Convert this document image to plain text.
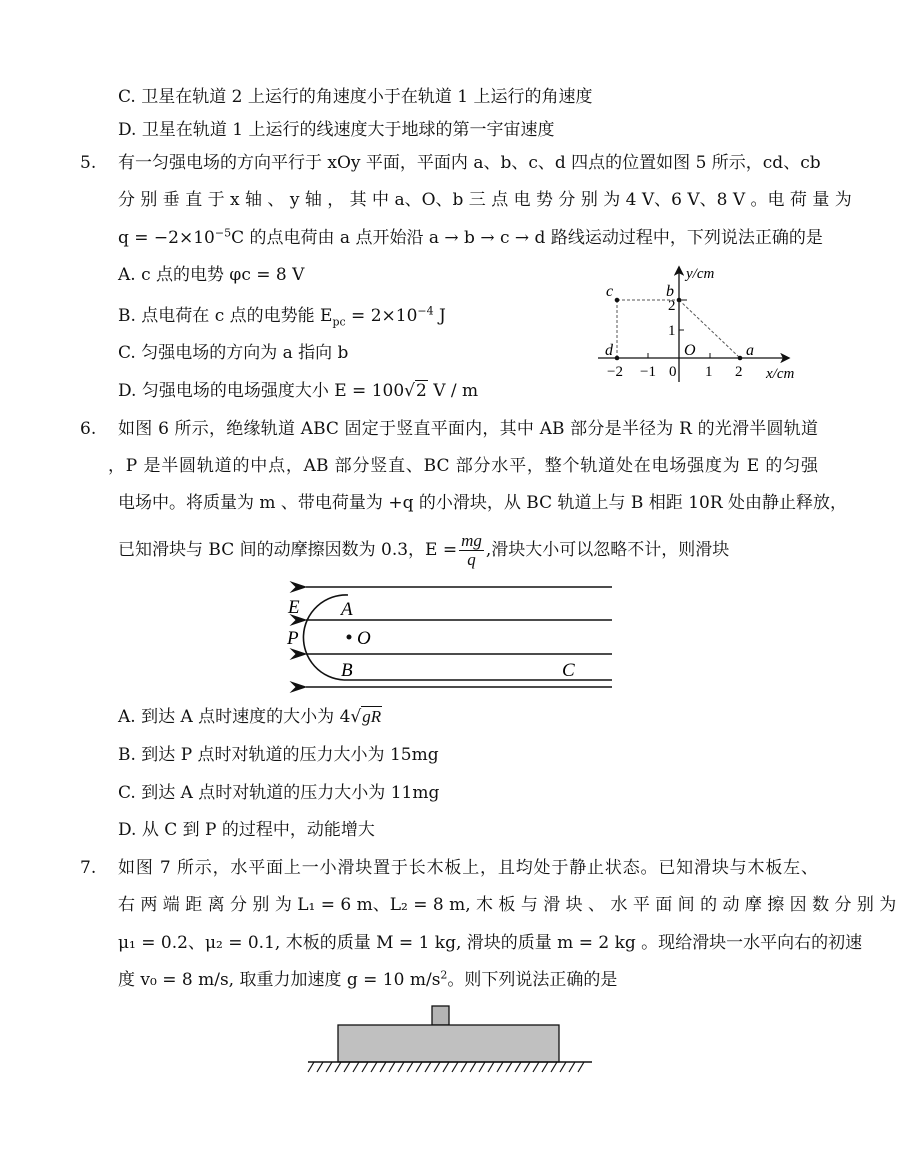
C. 卫星在轨道 2 上运行的角速度小于在轨道 1 上运行的角速度
D. 卫星在轨道 1 上运行的线速度大于地球的第一宇宙速度
5. 有一匀强电场的方向平行于 xOy 平面，平面内 a、b、c、d 四点的位置如图 5 所示，cd、cb
分 别 垂 直 于 x 轴 、 y 轴 ， 其 中 a、O、b 三 点 电 势 分 别 为 4 V、6 V、8 V 。电 荷 量 为
$q = -2\times 10^{-5}C$ 的点电荷由 a 点开始沿 a → b → c → d 路线运动过程中，下列说法正确的是
A. c 点的电势 φc = 8 V
B. 点电荷在 c 点的电势能 $E_{pc} = 2\times 10^{-4}$ J
C. 匀强电场的方向为 a 指向 b
D. 匀强电场的电场强度大小 E = 100√2 V / m
y/cm
x/cm
c	b
d	a
O
−2 −1 0 1 2
1
2
6. 如图 6 所示，绝缘轨道 ABC 固定于竖直平面内，其中 AB 部分是半径为 R 的光滑半圆轨道
，P 是半圆轨道的中点，AB 部分竖直、BC 部分水平，整个轨道处在电场强度为 E 的匀强
电场中。将质量为 m 、带电荷量为 +q 的小滑块，从 BC 轨道上与 B 相距 10R 处由静止释放，
已知滑块与 BC 间的动摩擦因数为 0.3，$E = \frac{mg}{q}$ ,滑块大小可以忽略不计，则滑块
E A
P	O
B	C
A. 到达 A 点时速度的大小为 4√gR
B. 到达 P 点时对轨道的压力大小为 15mg
C. 到达 A 点时对轨道的压力大小为 11mg
D. 从 C 到 P 的过程中，动能增大
7. 如图 7 所示，水平面上一小滑块置于长木板上，且均处于静止状态。已知滑块与木板左、
右 两 端 距 离 分 别 为 L₁ = 6 m、L₂ = 8 m, 木 板 与 滑 块 、 水 平 面 间 的 动 摩 擦 因 数 分 别 为
μ₁ = 0.2、μ₂ = 0.1, 木板的质量 M = 1 kg, 滑块的质量 m = 2 kg 。现给滑块一水平向右的初速
度 v₀ = 8 m/s, 取重力加速度 g = 10 $m/s^2$。则下列说法正确的是
